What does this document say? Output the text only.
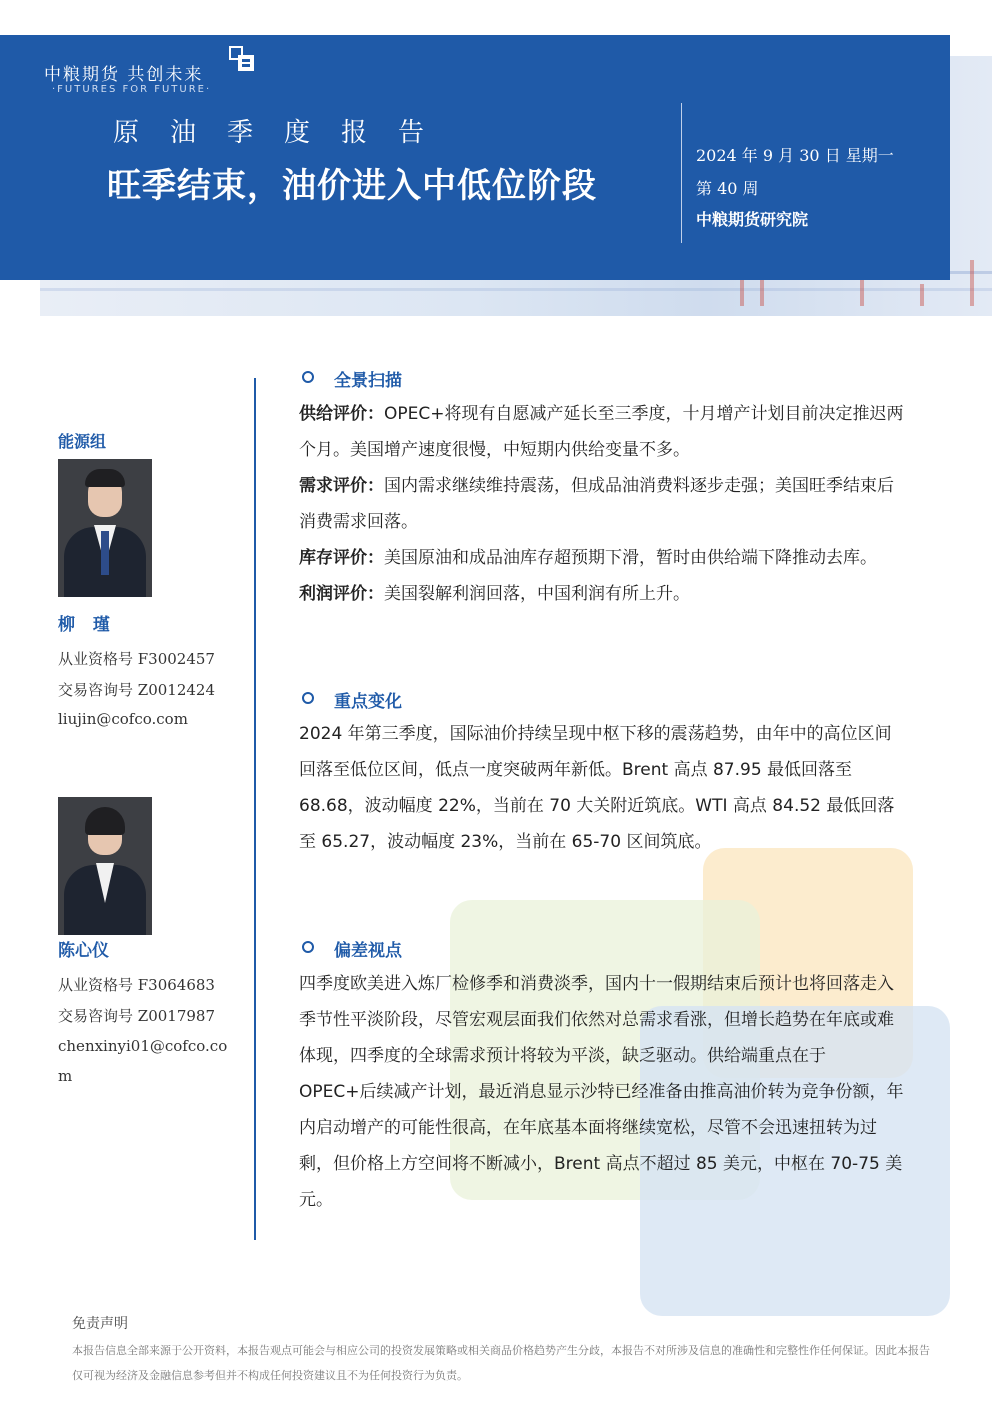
中粮期货 共创未来
·FUTURES FOR FUTURE·
原油季度报告
旺季结束，油价进入中低位阶段
2024 年 9 月 30 日 星期一
第 40 周
中粮期货研究院
能源组
柳 瑾
从业资格号 F3002457
交易咨询号 Z0012424
liujin@cofco.com
陈心仪
从业资格号 F3064683
交易咨询号 Z0017987
chenxinyi01@cofco.co
m
全景扫描
供给评价：OPEC+将现有自愿减产延长至三季度，十月增产计划目前决定推迟两个月。美国增产速度很慢，中短期内供给变量不多。
需求评价：国内需求继续维持震荡，但成品油消费料逐步走强；美国旺季结束后消费需求回落。
库存评价：美国原油和成品油库存超预期下滑，暂时由供给端下降推动去库。
利润评价：美国裂解利润回落，中国利润有所上升。
重点变化
2024 年第三季度，国际油价持续呈现中枢下移的震荡趋势，由年中的高位区间回落至低位区间，低点一度突破两年新低。Brent 高点 87.95 最低回落至 68.68，波动幅度 22%，当前在 70 大关附近筑底。WTI 高点 84.52 最低回落至 65.27，波动幅度 23%，当前在 65-70 区间筑底。
偏差视点
四季度欧美进入炼厂检修季和消费淡季，国内十一假期结束后预计也将回落走入季节性平淡阶段，尽管宏观层面我们依然对总需求看涨，但增长趋势在年底或难体现，四季度的全球需求预计将较为平淡，缺乏驱动。供给端重点在于 OPEC+后续减产计划，最近消息显示沙特已经准备由推高油价转为竞争份额，年内启动增产的可能性很高，在年底基本面将继续宽松，尽管不会迅速扭转为过剩，但价格上方空间将不断减小，Brent 高点不超过 85 美元，中枢在 70-75 美元。
免责声明
本报告信息全部来源于公开资料，本报告观点可能会与相应公司的投资发展策略或相关商品价格趋势产生分歧，本报告不对所涉及信息的准确性和完整性作任何保证。因此本报告仅可视为经济及金融信息参考但并不构成任何投资建议且不为任何投资行为负责。
